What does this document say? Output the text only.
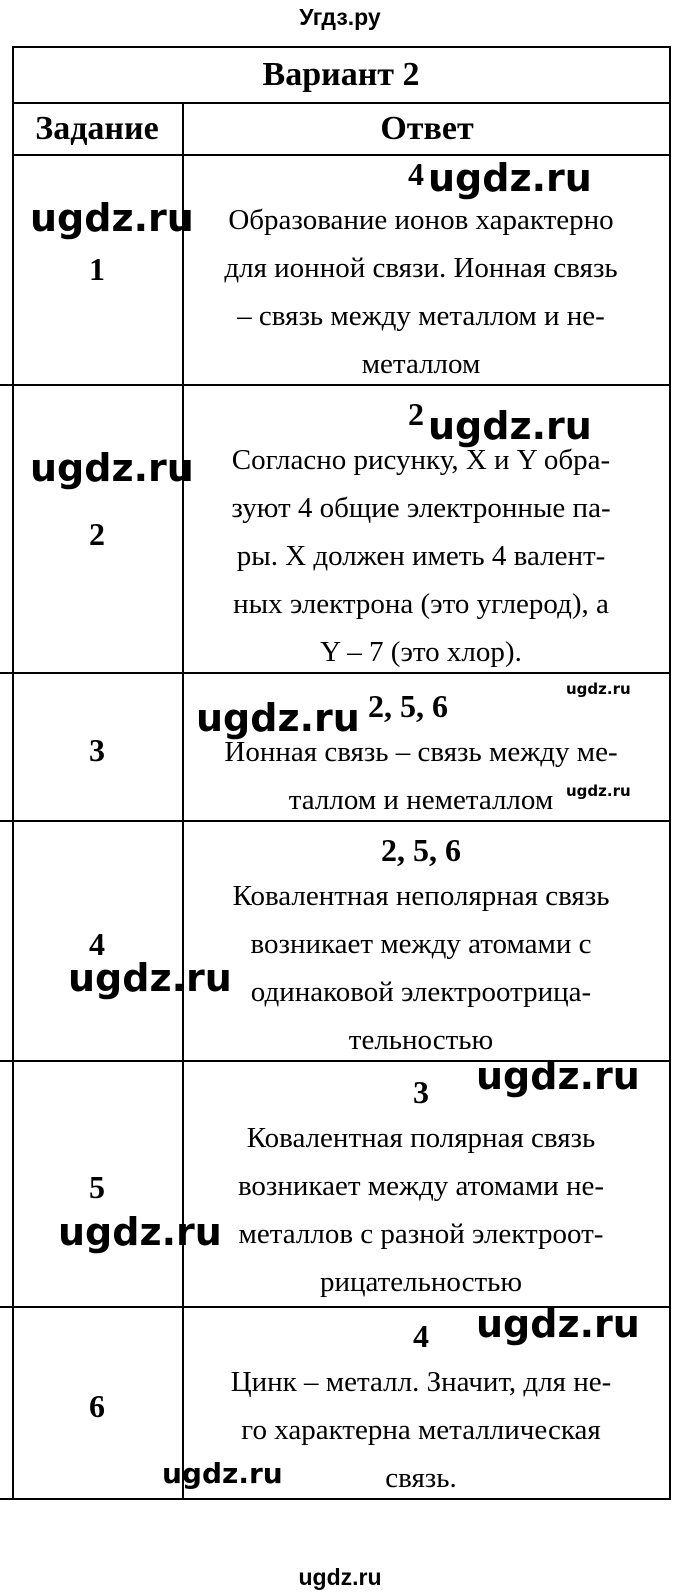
Угдз.ру
Вариант 2
Задание	Ответ
1
4
Образование ионов характерно
для ионной связи. Ионная связь
– связь между металлом и не-
металлом
2
2
Согласно рисунку, X и Y обра-
зуют 4 общие электронные па-
ры. X должен иметь 4 валент-
ных электрона (это углерод), а
Y – 7 (это хлор).
3
2, 5, 6
Ионная связь – связь между ме-
таллом и неметаллом
4
2, 5, 6
Ковалентная неполярная связь
возникает между атомами с
одинаковой электроотрица-
тельностью
5
3
Ковалентная полярная связь
возникает между атомами не-
металлов с разной электроот-
рицательностью
6
4
Цинк – металл. Значит, для не-
го характерна металлическая
связь.
ugdz.ru
ugdz.ru
ugdz.ru
ugdz.ru
ugdz.ru
ugdz.ru
ugdz.ru
ugdz.ru
ugdz.ru
ugdz.ru
ugdz.ru
ugdz.ru
ugdz.ru
